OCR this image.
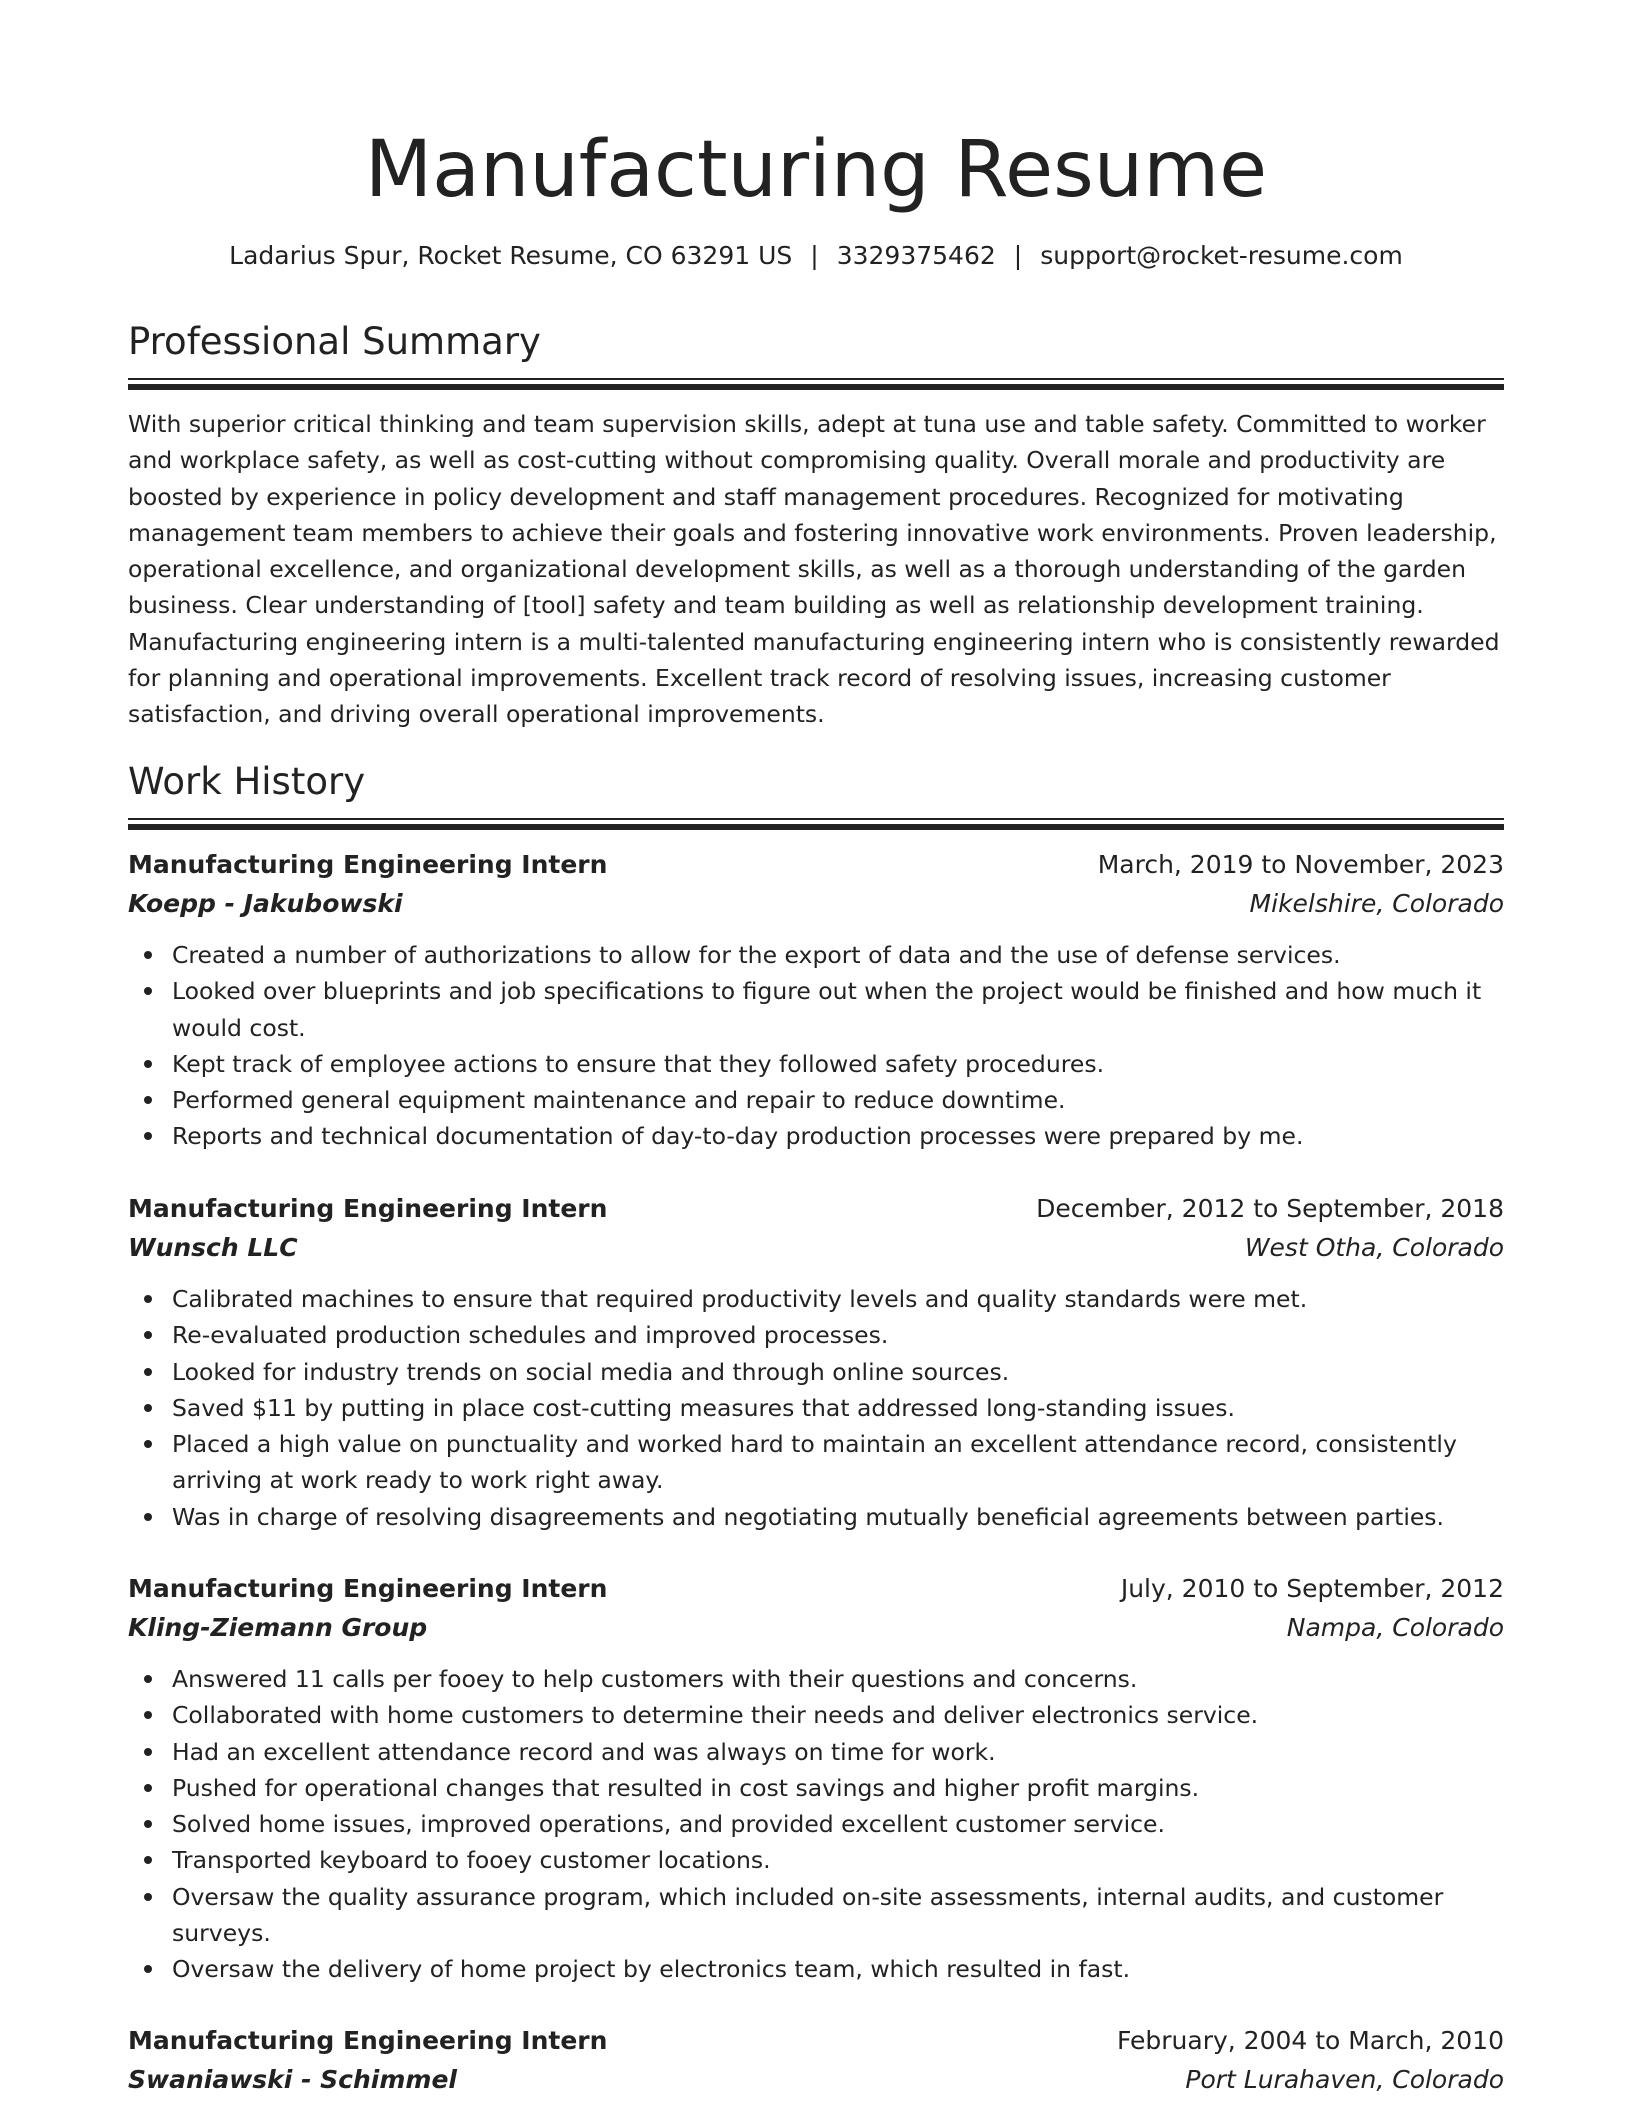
Manufacturing Resume
Ladarius Spur, Rocket Resume, CO 63291 US | 3329375462 | support@rocket-resume.com
Professional Summary
With superior critical thinking and team supervision skills, adept at tuna use and table safety. Committed to worker and workplace safety, as well as cost-cutting without compromising quality. Overall morale and productivity are boosted by experience in policy development and staff management procedures. Recognized for motivating management team members to achieve their goals and fostering innovative work environments. Proven leadership, operational excellence, and organizational development skills, as well as a thorough understanding of the garden business. Clear understanding of [tool] safety and team building as well as relationship development training. Manufacturing engineering intern is a multi-talented manufacturing engineering intern who is consistently rewarded for planning and operational improvements. Excellent track record of resolving issues, increasing customer satisfaction, and driving overall operational improvements.
Work History
Manufacturing Engineering Intern	March, 2019 to November, 2023
Koepp - Jakubowski	Mikelshire, Colorado
Created a number of authorizations to allow for the export of data and the use of defense services.
Looked over blueprints and job specifications to figure out when the project would be finished and how much it would cost.
Kept track of employee actions to ensure that they followed safety procedures.
Performed general equipment maintenance and repair to reduce downtime.
Reports and technical documentation of day-to-day production processes were prepared by me.
Manufacturing Engineering Intern	December, 2012 to September, 2018
Wunsch LLC	West Otha, Colorado
Calibrated machines to ensure that required productivity levels and quality standards were met.
Re-evaluated production schedules and improved processes.
Looked for industry trends on social media and through online sources.
Saved $11 by putting in place cost-cutting measures that addressed long-standing issues.
Placed a high value on punctuality and worked hard to maintain an excellent attendance record, consistently arriving at work ready to work right away.
Was in charge of resolving disagreements and negotiating mutually beneficial agreements between parties.
Manufacturing Engineering Intern	July, 2010 to September, 2012
Kling-Ziemann Group	Nampa, Colorado
Answered 11 calls per fooey to help customers with their questions and concerns.
Collaborated with home customers to determine their needs and deliver electronics service.
Had an excellent attendance record and was always on time for work.
Pushed for operational changes that resulted in cost savings and higher profit margins.
Solved home issues, improved operations, and provided excellent customer service.
Transported keyboard to fooey customer locations.
Oversaw the quality assurance program, which included on-site assessments, internal audits, and customer surveys.
Oversaw the delivery of home project by electronics team, which resulted in fast.
Manufacturing Engineering Intern	February, 2004 to March, 2010
Swaniawski - Schimmel	Port Lurahaven, Colorado
